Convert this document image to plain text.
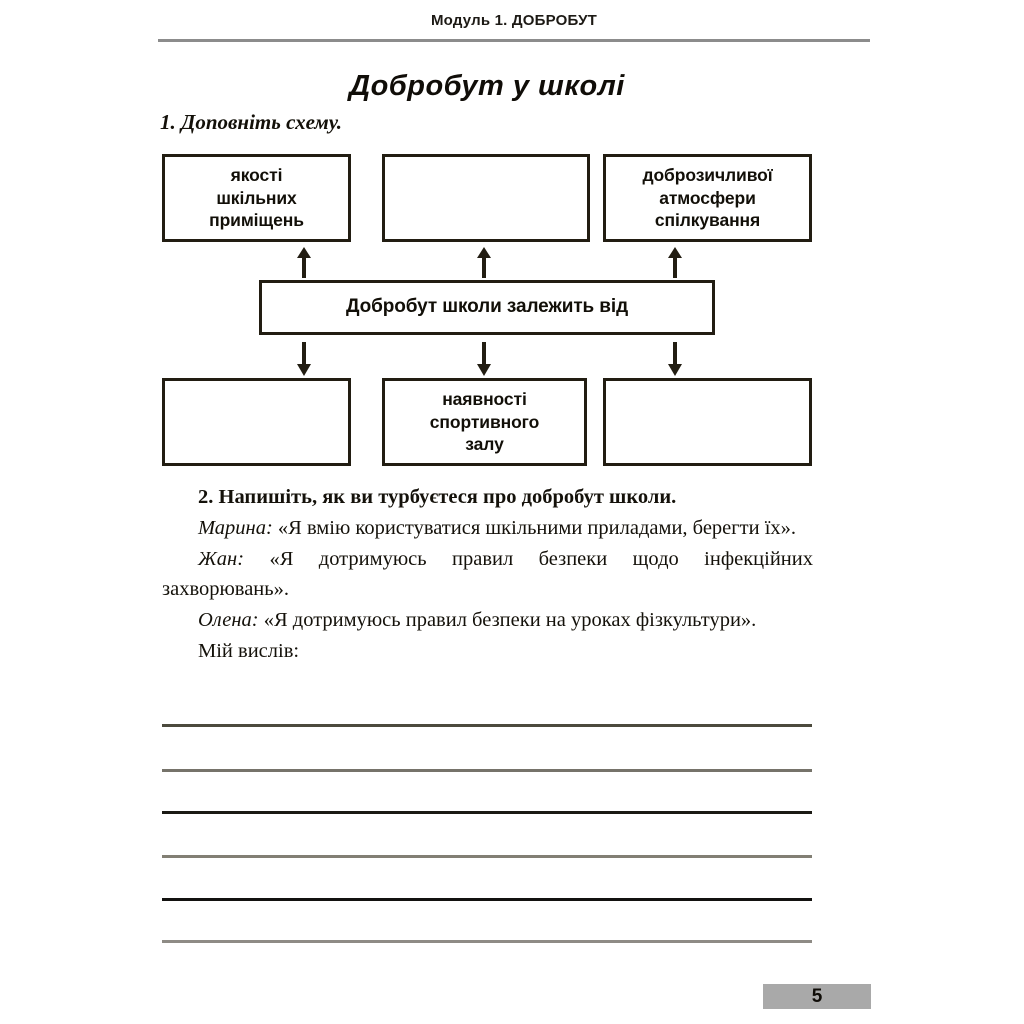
Модуль 1. ДОБРОБУТ
Добробут у школі
1. Доповніть схему.
якості
шкільних
приміщень
доброзичливої
атмосфери
спілкування
Добробут школи залежить від
наявності
спортивного
залу

2. Напишіть, як ви турбуєтеся про добробут школи.

Марина: «Я вмію користуватися шкільними приладами, берегти їх».

Жан: «Я дотримуюсь правил безпеки щодо інфекційних захворювань».

Олена: «Я дотримуюсь правил безпеки на уроках фізкультури».

Мій вислів:

5
